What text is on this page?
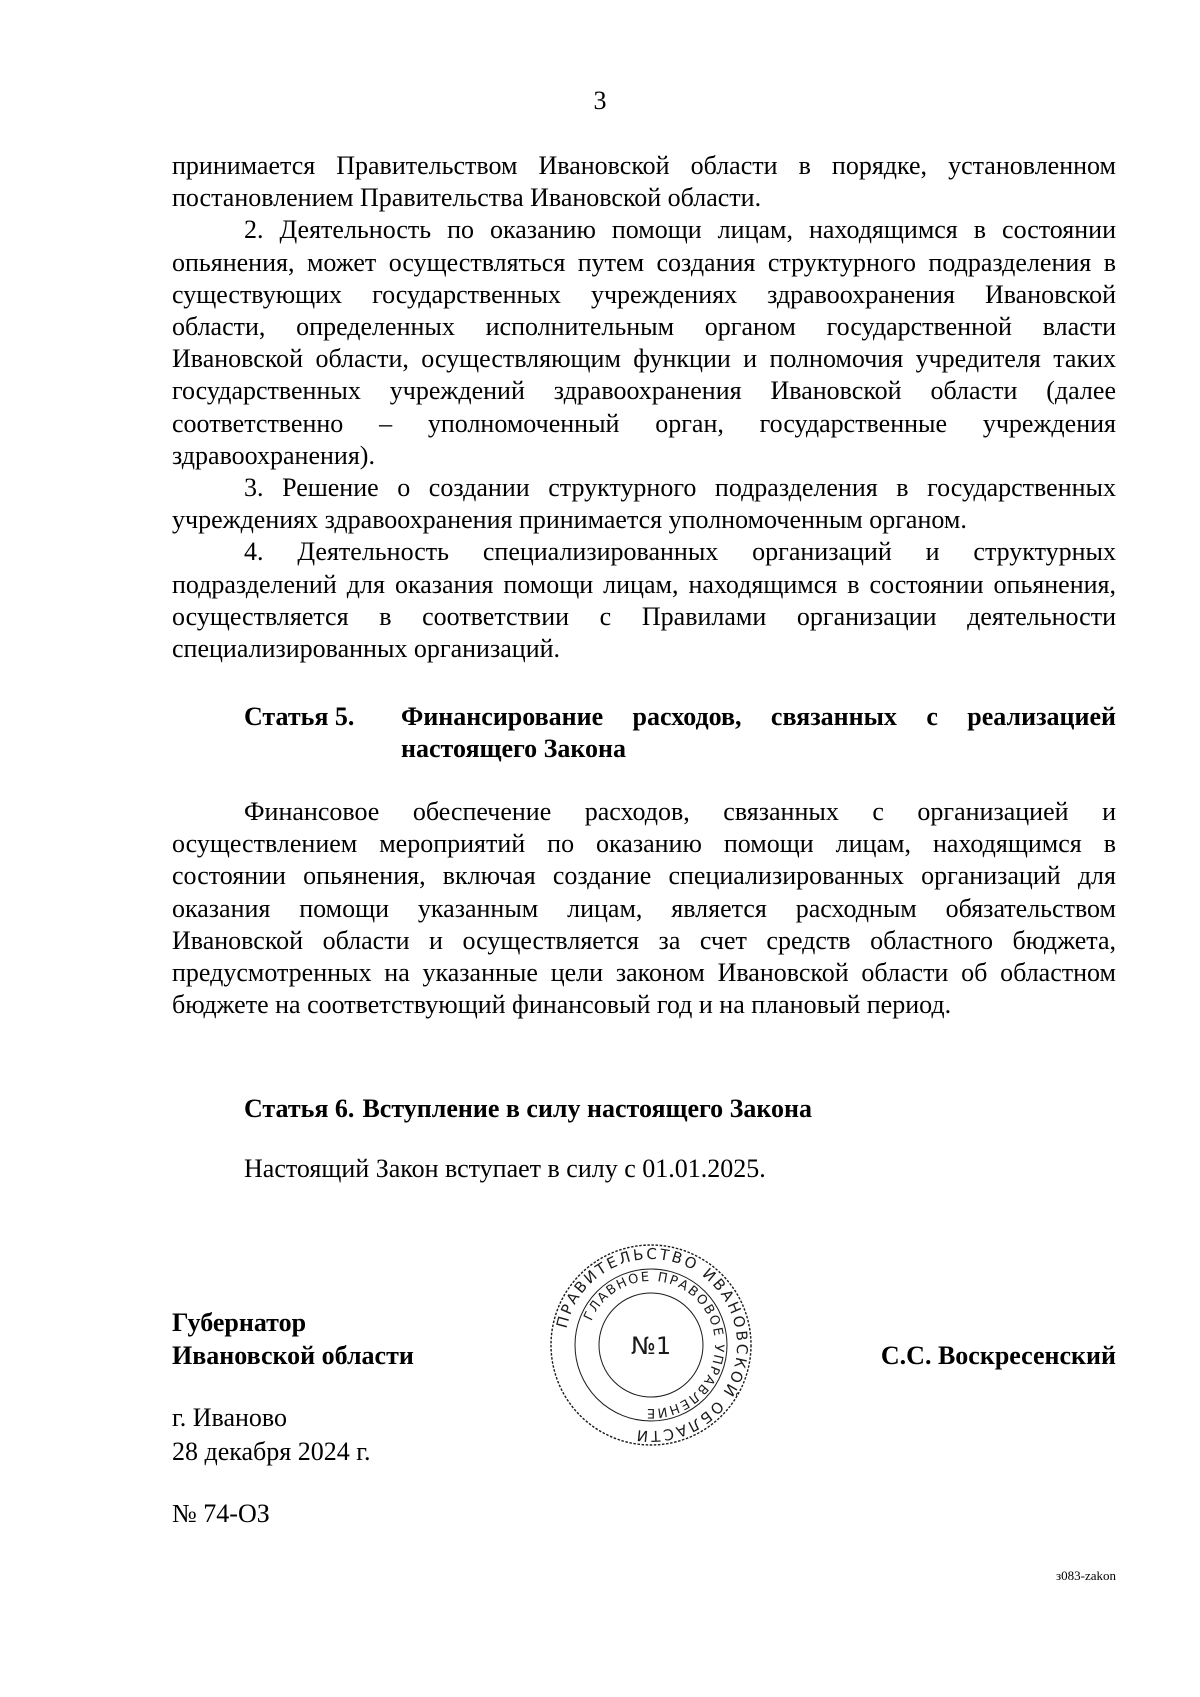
3

принимается Правительством Ивановской области в порядке, установленном постановлением Правительства Ивановской области.

2. Деятельность по оказанию помощи лицам, находящимся в состоянии опьянения, может осуществляться путем создания структурного подразделения в существующих государственных учреждениях здравоохранения Ивановской области, определенных исполнительным органом государственной власти Ивановской области, осуществляющим функции и полномочия учредителя таких государственных учреждений здравоохранения Ивановской области (далее соответственно – уполномоченный орган, государственные учреждения здравоохранения).

3. Решение о создании структурного подразделения в государственных учреждениях здравоохранения принимается уполномоченным органом.

4. Деятельность специализированных организаций и структурных подразделений для оказания помощи лицам, находящимся в состоянии опьянения, осуществляется в соответствии с Правилами организации деятельности специализированных организаций.

Статья 5.	Финансирование расходов, связанных с реализацией настоящего Закона

Финансовое обеспечение расходов, связанных с организацией и осуществлением мероприятий по оказанию помощи лицам, находящимся в состоянии опьянения, включая создание специализированных организаций для оказания помощи указанным лицам, является расходным обязательством Ивановской области и осуществляется за счет средств областного бюджета, предусмотренных на указанные цели законом Ивановской области об областном бюджете на соответствующий финансовый год и на плановый период.

Статья 6. Вступление в силу настоящего Закона

Настоящий Закон вступает в силу с 01.01.2025.

Губернатор
Ивановской области
ПРАВИТЕЛЬСТВО ИВАНОВСКОЙ ОБЛАСТИ
ГЛАВНОЕ ПРАВОВОЕ УПРАВЛЕНИЕ
№1	С.С. Воскресенский
г. Иваново
28 декабря 2024 г.
№ 74-ОЗ
з083-zakon
